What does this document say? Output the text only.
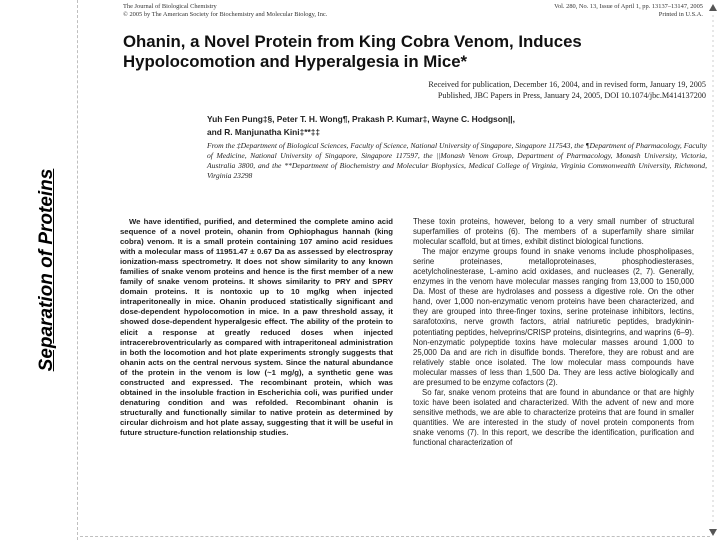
Separation of Proteins
The Journal of Biological Chemistry	Vol. 280, No. 13, Issue of April 1, pp. 13137–13147, 2005
© 2005 by The American Society for Biochemistry and Molecular Biology, Inc.	Printed in U.S.A.
Ohanin, a Novel Protein from King Cobra Venom, Induces
Hypolocomotion and Hyperalgesia in Mice*
Received for publication, December 16, 2004, and in revised form, January 19, 2005
Published, JBC Papers in Press, January 24, 2005, DOI 10.1074/jbc.M414137200
Yuh Fen Pung‡§, Peter T. H. Wong¶, Prakash P. Kumar‡, Wayne C. Hodgson||,
and R. Manjunatha Kini‡**‡‡
From the ‡Department of Biological Sciences, Faculty of Science, National University of Singapore, Singapore 117543, the ¶Department of Pharmacology, Faculty of Medicine, National University of Singapore, Singapore 117597, the ||Monash Venom Group, Department of Pharmacology, Monash University, Victoria, Australia 3800, and the **Department of Biochemistry and Molecular Biophysics, Medical College of Virginia, Virginia Commonwealth University, Richmond, Virginia 23298

We have identified, purified, and determined the complete amino acid sequence of a novel protein, ohanin from Ophiophagus hannah (king cobra) venom. It is a small protein containing 107 amino acid residues with a molecular mass of 11951.47 ± 0.67 Da as assessed by electrospray ionization-mass spectrometry. It does not show similarity to any known families of snake venom proteins and hence is the first member of a new family of snake venom proteins. It shows similarity to PRY and SPRY domain proteins. It is nontoxic up to 10 mg/kg when injected intraperitoneally in mice. Ohanin produced statistically significant and dose-dependent hypolocomotion in mice. In a paw threshold assay, it showed dose-dependent hyperalgesic effect. The ability of the protein to elicit a response at greatly reduced doses when injected intracerebroventricularly as compared with intraperitoneal administration in both the locomotion and hot plate experiments strongly suggests that ohanin acts on the central nervous system. Since the natural abundance of the protein in the venom is low (~1 mg/g), a synthetic gene was constructed and expressed. The recombinant protein, which was obtained in the insoluble fraction in Escherichia coli, was purified under denaturing condition and was refolded. Recombinant ohanin is structurally and functionally similar to native protein as determined by circular dichroism and hot plate assay, suggesting that it will be useful in future structure-function relationship studies.

These toxin proteins, however, belong to a very small number of structural superfamilies of proteins (6). The members of a superfamily share similar molecular scaffold, but at times, exhibit distinct biological functions.

The major enzyme groups found in snake venoms include phospholipases, serine proteinases, metalloproteinases, phosphodiesterases, acetylcholinesterase, L-amino acid oxidases, and nucleases (2, 7). Generally, enzymes in the venom have molecular masses ranging from 13,000 to 150,000 Da. Most of these are hydrolases and possess a digestive role. On the other hand, over 1,000 non-enzymatic venom proteins have been characterized, and they are grouped into three-finger toxins, serine proteinase inhibitors, lectins, sarafotoxins, nerve growth factors, atrial natriuretic peptides, bradykinin-potentiating peptides, helveprins/CRISP proteins, disintegrins, and waprins (6–9). Non-enzymatic polypeptide toxins have molecular masses around 1,000 to 25,000 Da and are rich in disulfide bonds. Therefore, they are robust and are relatively stable once isolated. The low molecular mass compounds have molecular masses of less than 1,500 Da. They are less active biologically and are presumed to be enzyme cofactors (2).

So far, snake venom proteins that are found in abundance or that are highly toxic have been isolated and characterized. With the advent of new and more sensitive methods, we are able to characterize proteins that are found in smaller quantities. We are interested in the study of novel protein components from snake venoms (7). In this report, we describe the identification, purification and functional characterization of
